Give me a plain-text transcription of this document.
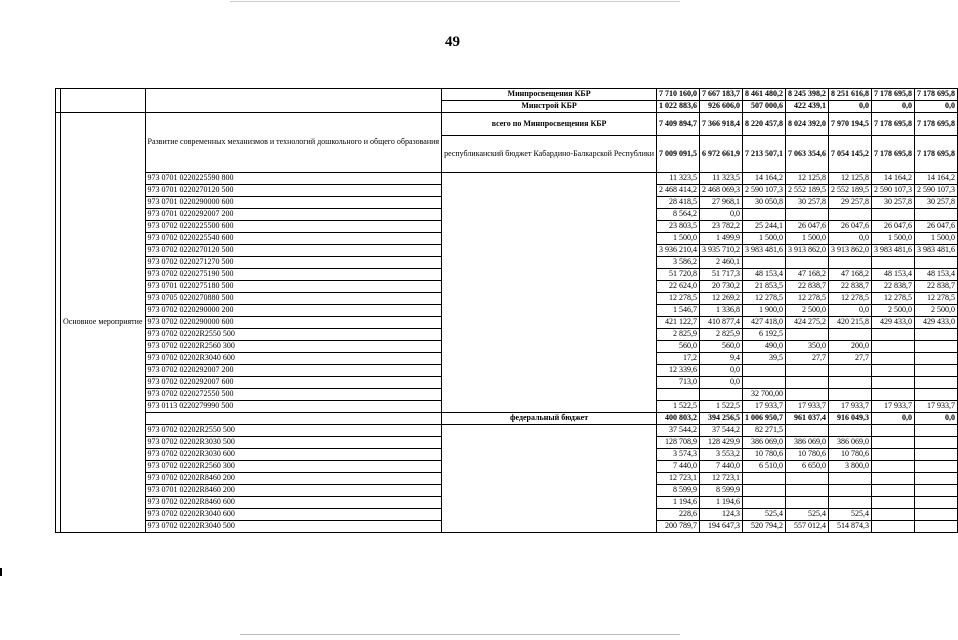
49
			Минпросвещения КБР	7 710 160,0	7 667 183,7	8 461 480,2	8 245 398,2	8 251 616,8	7 178 695,8	7 178 695,8
			Минстрой КБР	1 022 883,6	926 606,0	507 000,6	422 439,1	0,0	0,0	0,0
	Основное мероприятие	Развитие современных механизмов и технологий дошкольного и общего образования	всего по Минпросвещения КБР	7 409 894,7	7 366 918,4	8 220 457,8	8 024 392,0	7 970 194,5	7 178 695,8	7 178 695,8
			республиканский бюджет Кабардино-Балкарской Республики	7 009 091,5	6 972 661,9	7 213 507,1	7 063 354,6	7 054 145,2	7 178 695,8	7 178 695,8
		973 0701 0220225590 800		11 323,5	11 323,5	14 164,2	12 125,8	12 125,8	14 164,2	14 164,2
		973 0701 0220270120 500		2 468 414,2	2 468 069,3	2 590 107,3	2 552 189,5	2 552 189,5	2 590 107,3	2 590 107,3
		973 0701 0220290000 600		28 418,5	27 968,1	30 050,8	30 257,8	29 257,8	30 257,8	30 257,8
		973 0701 0220292007 200		8 564,2	0,0					
		973 0702 0220225500 600		23 803,5	23 782,2	25 244,1	26 047,6	26 047,6	26 047,6	26 047,6
		973 0702 0220225540 600		1 500,0	1 499,9	1 500,0	1 500,0	0,0	1 500,0	1 500,0
		973 0702 0220270120 500		3 936 210,4	3 935 710,2	3 983 481,6	3 913 862,0	3 913 862,0	3 983 481,6	3 983 481,6
		973 0702 0220271270 500		3 586,2	2 460,1					
		973 0702 0220275190 500		51 720,8	51 717,3	48 153,4	47 168,2	47 168,2	48 153,4	48 153,4
		973 0701 0220275180 500		22 624,0	20 730,2	21 853,5	22 838,7	22 838,7	22 838,7	22 838,7
		973 0705 0220270880 500		12 278,5	12 269,2	12 278,5	12 278,5	12 278,5	12 278,5	12 278,5
		973 0702 0220290000 200		1 546,7	1 336,8	1 900,0	2 500,0	0,0	2 500,0	2 500,0
		973 0702 0220290000 600		421 122,7	410 877,4	427 418,0	424 275,2	420 215,8	429 433,0	429 433,0
		973 0702 02202R2550 500		2 825,9	2 825,9	6 192,5				
		973 0702 02202R2560 300		560,0	560,0	490,0	350,0	200,0		
		973 0702 02202R3040 600		17,2	9,4	39,5	27,7	27,7		
		973 0702 0220292007 200		12 339,6	0,0					
		973 0702 0220292007 600		713,0	0,0					
		973 0702 0220272550 500				32 700,00				
		973 0113 0220279990 500		1 522,5	1 522,5	17 933,7	17 933,7	17 933,7	17 933,7	17 933,7
			федеральный бюджет	400 803,2	394 256,5	1 006 950,7	961 037,4	916 049,3	0,0	0,0
		973 0702 02202R2550 500		37 544,2	37 544,2	82 271,5				
		973 0702 02202R3030 500		128 708,9	128 429,9	386 069,0	386 069,0	386 069,0		
		973 0702 02202R3030 600		3 574,3	3 553,2	10 780,6	10 780,6	10 780,6		
		973 0702 02202R2560 300		7 440,0	7 440,0	6 510,0	6 650,0	3 800,0		
		973 0702 02202R8460 200		12 723,1	12 723,1					
		973 0701 02202R8460 200		8 599,9	8 599,9					
		973 0702 02202R8460 600		1 194,6	1 194,6					
		973 0702 02202R3040 600		228,6	124,3	525,4	525,4	525,4		
		973 0702 02202R3040 500		200 789,7	194 647,3	520 794,2	557 012,4	514 874,3		
